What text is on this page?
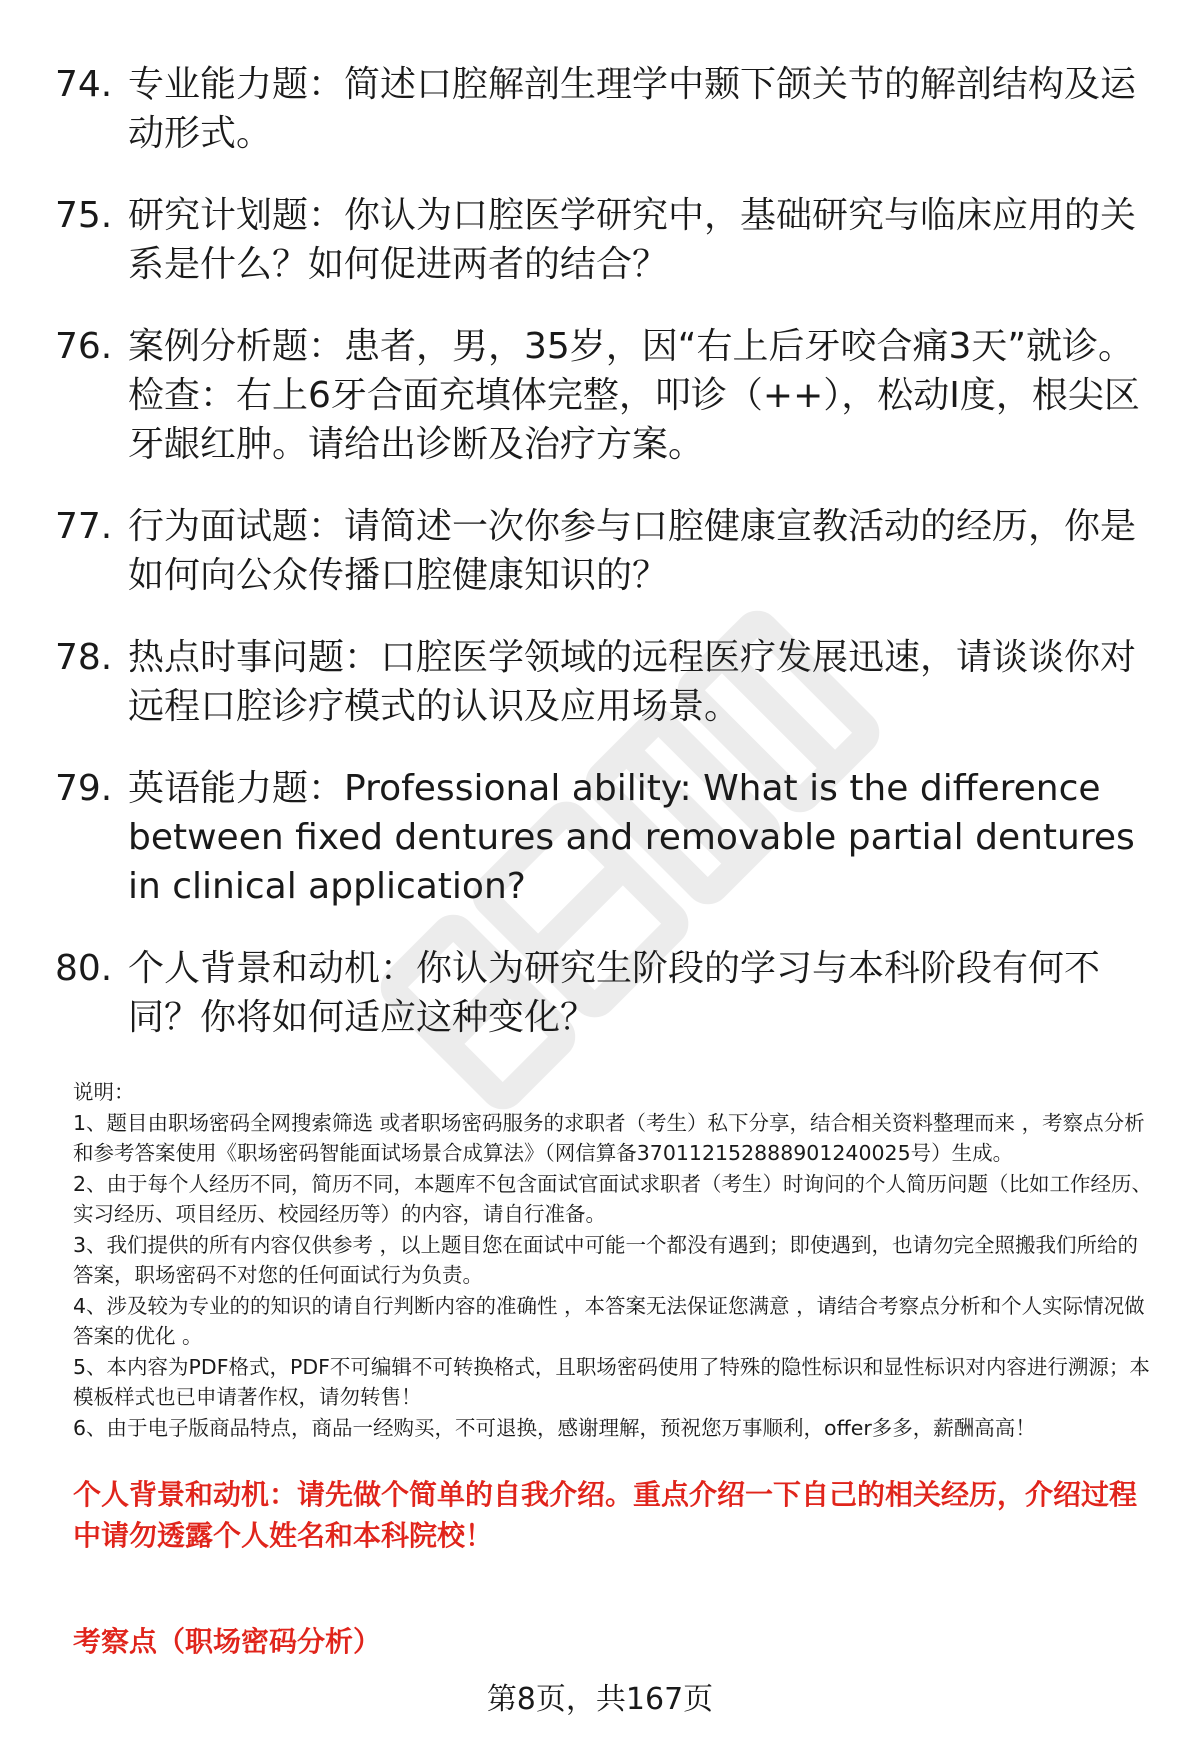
74. 专业能力题：简述口腔解剖生理学中颞下颌关节的解剖结构及运动形式。
75. 研究计划题：你认为口腔医学研究中，基础研究与临床应用的关系是什么？如何促进两者的结合？
76. 案例分析题：患者，男，35岁，因“右上后牙咬合痛3天”就诊。检查：右上6牙合面充填体完整，叩诊（++），松动Ⅰ度，根尖区牙龈红肿。请给出诊断及治疗方案。
77. 行为面试题：请简述一次你参与口腔健康宣教活动的经历，你是如何向公众传播口腔健康知识的？
78. 热点时事问题：口腔医学领域的远程医疗发展迅速，请谈谈你对远程口腔诊疗模式的认识及应用场景。
79. 英语能力题：Professional ability: What is the difference between fixed dentures and removable partial dentures in clinical application?
80. 个人背景和动机：你认为研究生阶段的学习与本科阶段有何不同？你将如何适应这种变化？
说明：
1、题目由职场密码全网搜索筛选 或者职场密码服务的求职者（考生）私下分享，结合相关资料整理而来 ，考察点分析和参考答案使用《职场密码智能面试场景合成算法》（网信算备370112152888901240025号）生成。
2、由于每个人经历不同，简历不同，本题库不包含面试官面试求职者（考生）时询问的个人简历问题（比如工作经历、实习经历、项目经历、校园经历等）的内容，请自行准备。
3、我们提供的所有内容仅供参考 ，以上题目您在面试中可能一个都没有遇到；即使遇到，也请勿完全照搬我们所给的答案，职场密码不对您的任何面试行为负责。
4、涉及较为专业的的知识的请自行判断内容的准确性 ，本答案无法保证您满意 ，请结合考察点分析和个人实际情况做答案的优化 。
5、本内容为PDF格式，PDF不可编辑不可转换格式，且职场密码使用了特殊的隐性标识和显性标识对内容进行溯源；本模板样式也已申请著作权，请勿转售！
6、由于电子版商品特点，商品一经购买，不可退换，感谢理解，预祝您万事顺利，offer多多，薪酬高高！
个人背景和动机：请先做个简单的自我介绍。重点介绍一下自己的相关经历，介绍过程中请勿透露个人姓名和本科院校！
考察点（职场密码分析）
第8页，共167页
